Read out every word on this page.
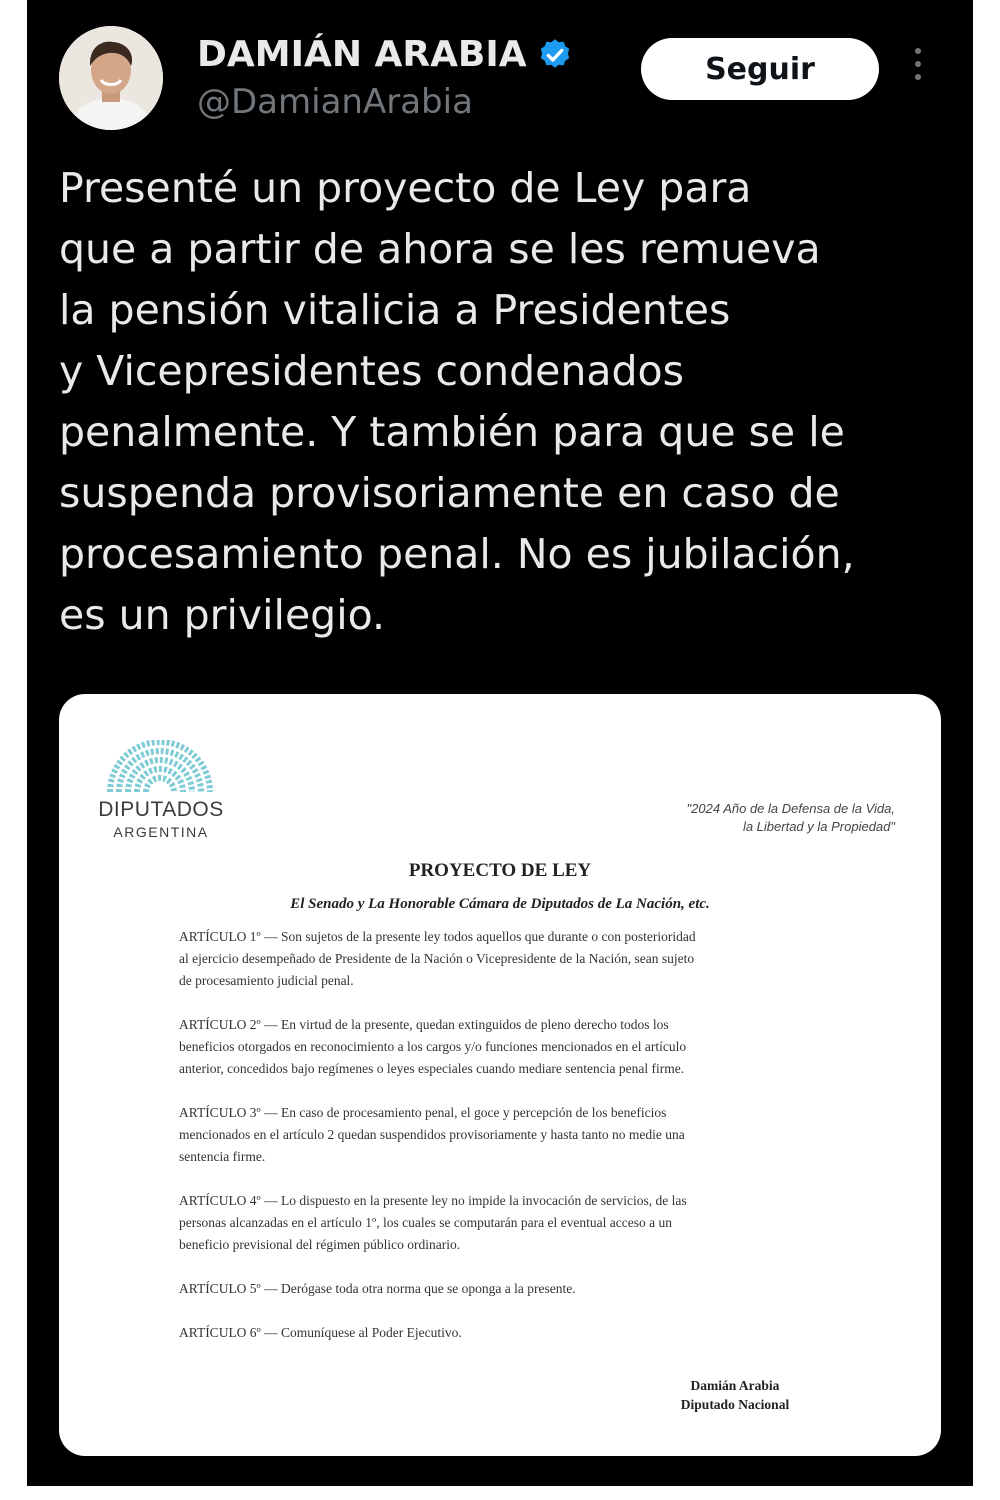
DAMIÁN ARABIA
@DamianArabia
Seguir

Presenté un proyecto de Ley para
que a partir de ahora se les remueva
la pensión vitalicia a Presidentes
y Vicepresidentes condenados
penalmente. Y también para que se le
suspenda provisoriamente en caso de
procesamiento penal. No es jubilación,
es un privilegio.

DIPUTADOS
ARGENTINA
"2024 Año de la Defensa de la Vida,
la Libertad y la Propiedad"
PROYECTO DE LEY
El Senado y La Honorable Cámara de Diputados de La Nación, etc.
ARTÍCULO 1º — Son sujetos de la presente ley todos aquellos que durante o con posterioridad
al ejercicio desempeñado de Presidente de la Nación o Vicepresidente de la Nación, sean sujeto
de procesamiento judicial penal.
ARTÍCULO 2º — En virtud de la presente, quedan extinguidos de pleno derecho todos los
beneficios otorgados en reconocimiento a los cargos y/o funciones mencionados en el artículo
anterior, concedidos bajo regímenes o leyes especiales cuando mediare sentencia penal firme.
ARTÍCULO 3º — En caso de procesamiento penal, el goce y percepción de los beneficios
mencionados en el artículo 2 quedan suspendidos provisoriamente y hasta tanto no medie una
sentencia firme.
ARTÍCULO 4º — Lo dispuesto en la presente ley no impide la invocación de servicios, de las
personas alcanzadas en el artículo 1º, los cuales se computarán para el eventual acceso a un
beneficio previsional del régimen público ordinario.
ARTÍCULO 5º — Derógase toda otra norma que se oponga a la presente.
ARTÍCULO 6º — Comuníquese al Poder Ejecutivo.
Damián Arabia
Diputado Nacional
